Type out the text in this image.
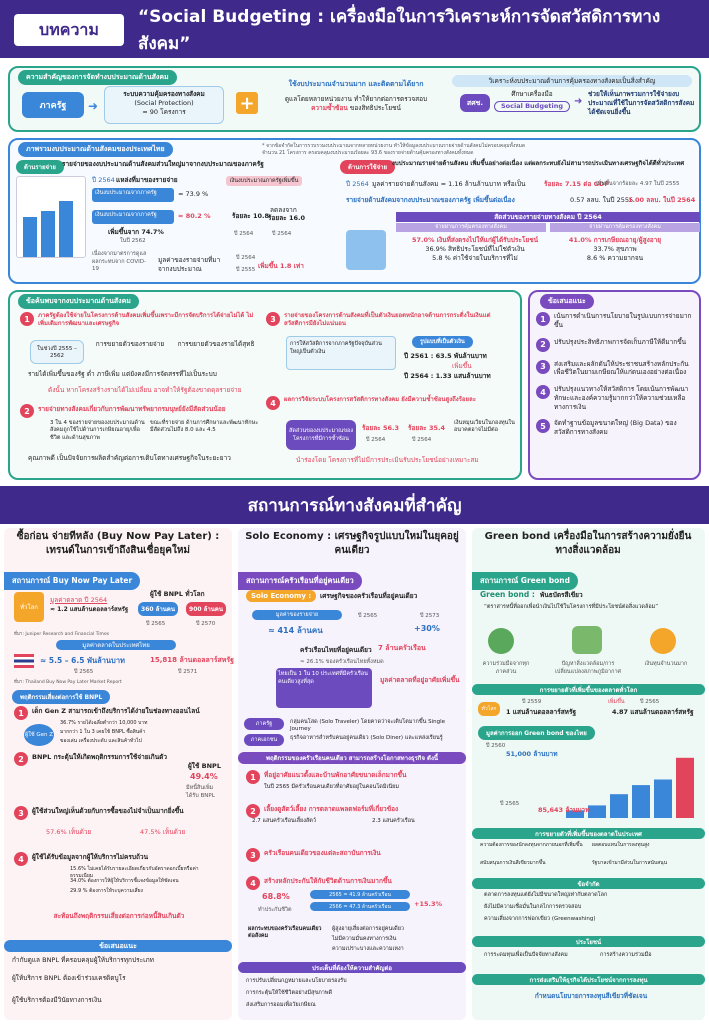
บทความ
“Social Budgeting : เครื่องมือในการวิเคราะห์การจัดสวัสดิการทางสังคม”
ความสำคัญของการจัดทำงบประมาณด้านสังคม
ภาครัฐ	➜
ระบบความคุ้มครองทางสังคม
(Social Protection)
≈ 90 โครงการ	+
ใช้งบประมาณจำนวนมาก และติดตามได้ยาก
ดูแลโดยหลายหน่วยงาน ทำให้ยากต่อการตรวจสอบ
ความซ้ำซ้อน ของสิทธิประโยชน์
วิเคราะห์งบประมาณด้านการคุ้มครองทางสังคมเป็นสิ่งสำคัญ
สศช.
ศึกษาเครื่องมือ
Social Budgeting	➜
ช่วยให้เห็นภาพรวมการใช้จ่ายงบประมาณที่ใช้ในการจัดสวัสดิการสังคมได้ชัดเจนยิ่งขึ้น
ภาพรวมงบประมาณด้านสังคมของประเทศไทย	* จากข้อจำกัดในการรวบรวมงบประมาณจากหลายหน่วยงาน ทำให้ข้อมูลงบประมาณรายจ่ายด้านสังคมไม่ครอบคลุมทั้งหมด
จำนวน 21 โครงการ ครอบคลุมงบประมาณร้อยละ 93.6 ของรายจ่ายด้านคุ้มครองทางสังคมทั้งหมด
ด้านรายจ่าย รายจ่ายของงบประมาณด้านสังคมส่วนใหญ่มาจากงบประมาณของภาครัฐ
ปี 2564 แหล่งที่มาของรายจ่าย
เงินงบประมาณจากภาครัฐ	≈ 73.9 %
เงินงบประมาณจากภาครัฐ	≈ 80.2 %
เพิ่มขึ้นจาก 74.7%
ในปี 2562
เงินงบประมาณภาครัฐเพิ่มขึ้น
ร้อยละ 10.8
ลดลงจาก
ร้อยละ 16.0
ปี 2564	ปี 2564
เนื่องจากมาตรการดูแลผลกระทบจาก COVID-19
มูลค่าของรายจ่ายที่มาจากงบประมาณ
ปี 2564
ปี 2555 เพิ่มขึ้น 1.8 เท่า
ด้านการใช้จ่าย
งบประมาณรายจ่ายด้านสังคม เพิ่มขึ้นอย่างต่อเนื่อง แต่ผลกระทบยังไม่สามารถประเมินทางเศรษฐกิจได้ดีทั่วประเทศ
ปี 2564 มูลค่ารายจ่ายด้านสังคม ≈ 1.16 ล้านล้านบาท หรือเป็น	ร้อยละ 7.15 ต่อ GDP
เพิ่มขึ้นจากร้อยละ 4.97 ในปี 2555
รายจ่ายด้านสังคมจากงบประมาณของภาครัฐ เพิ่มขึ้นต่อเนื่อง	0.57 ลลบ. ในปี 2555
1.00 ลลบ. ในปี 2564
สัดส่วนของรายจ่ายทางสังคม ปี 2564
จ่ายผ่านการคุ้มครองทางสังคม	จ่ายผ่านการคุ้มครองทางสังคม
57.0% เงินที่ส่งตรงไปให้แก่ผู้ได้รับประโยชน์
36.9% สิทธิประโยชน์ที่ไม่ใช่ตัวเงิน
5.8 % ค่าใช้จ่ายในบริการที่ไม่
41.0% การเกษียณอายุ/ผู้สูงอายุ
33.7% สุขภาพ
8.6 % ความยากจน
ข้อค้นพบจากงบประมาณด้านสังคม
1	ภาครัฐต้องใช้จ่ายในโครงการด้านสังคมเพิ่มขึ้นเพราะมีการจัดบริการได้จ่ายไม่ได้ ไม่เพิ่มเติมการพัฒนาและเศรษฐกิจ
ในช่วงปี 2555 – 2562
การขยายตัวของรายจ่าย	การขยายตัวของรายได้สุทธิ
รายได้เพิ่มขึ้นของรัฐ ต่ำ ภาษีเพิ่ม แต่ยังคงมีการจัดสรรที่ไม่เป็นระบบ
ดังนั้น หากโครงสร้างรายได้ไม่เปลี่ยน อาจทำให้รัฐต้องขาดดุลรายจ่าย
2	รายจ่ายทางสังคมเกี่ยวกับการพัฒนาทรัพยากรมนุษย์ยังมีสัดส่วนน้อย
3 ใน 4 ของรายจ่ายของงบประมาณด้านสังคมถูกใช้ไปด้านการเกษียณอายุ/เพื่อชีวิต และด้านสุขภาพ
ขณะที่รายจ่าย ด้านการศึกษาและพัฒนาทักษะ มีสัดส่วนไม่ถึง 8.0 และ 4.5
คุณภาพดี เป็นปัจจัยการผลิตสำคัญต่อการเติบโตทางเศรษฐกิจในระยะยาว
3	รายจ่ายของโครงการด้านสังคมที่เป็นตัวเงินยอดหนักอาจด้านการกระดิ่งในเงินแต่สวัสดิการมียังไม่แน่นอน
การให้สวัสดิการจากภาครัฐปัจจุบันส่วนใหญ่เป็นตัวเงิน
รูปแบบที่เป็นตัวเงิน
ปี 2561 : 63.5 พันล้านบาท
เพิ่มขึ้น
ปี 2564 : 1.33 แสนล้านบาท
4	ผลการวิจัยระบบโครงการสวัสดิการทางสังคม ยังมีความซ้ำซ้อนสูงถึงร้อยละ
สัดส่วนของงบประมาณของโครงการที่มีการซ้ำซ้อน
ร้อยละ 56.3 ร้อยละ 35.4
ปี 2564	ปี 2564
เงินหมุนเวียนในกองทุนในอนาคตอาจไม่มีต่อ
นำร่องโดย โครงการที่ไม่มีการประเมินรับประโยชน์อย่างเหมาะสม
ข้อเสนอแนะ
1	เน้นการดำเนินการนโยบายในรูปแบบการจ่ายมากขึ้น
2	ปรับปรุงประสิทธิภาพการจัดเก็บภาษีให้ดีมากขึ้น
3	ส่งเสริมและผลักดันให้ประชาชนสร้างหลักประกันเพื่อชีวิตในยามเกษียณให้แก่ตนเองอย่างต่อเนื่อง
4	ปรับปรุงแนวทางให้สวัสดิการ โดยเน้นการพัฒนาทักษะและองค์ความรู้มากกว่าให้ความช่วยเหลือทางการเงิน
5	จัดทำฐานข้อมูลขนาดใหญ่ (Big Data) ของสวัสดิการทางสังคม
สถานการณ์ทางสังคมที่สำคัญ
ซื้อก่อน จ่ายทีหลัง (Buy Now Pay Later) : เทรนด์ในการเข้าถึงสินเชื่อยุคใหม่
สถานการณ์ Buy Now Pay Later
ทั่วโลก
มูลค่าตลาด ปี 2564
≈ 1.2 แสนล้านดอลลาร์สหรัฐ
ผู้ใช้ BNPL ทั่วโลก
360 ล้านคน	900 ล้านคน
ปี 2565	ปี 2570
ที่มา: Juniper Research and Financial Times
มูลค่าตลาดในประเทศไทย
≈ 5.5 – 6.5 พันล้านบาท	15,818 ล้านดอลลาร์สหรัฐ
ปี 2565	ปี 2571
ที่มา: Thailand Buy Now Pay Later Market Report
พฤติกรรมเสี่ยงต่อการใช้ BNPL
1	เด็ก Gen Z สามารถเข้าถึงบริการได้ง่ายในช่องทางออนไลน์
36.7% รายได้เฉลี่ยต่ำกว่า 10,000 บาท
มากกว่า 1 ใน 3 เคยใช้ BNPL ซื้อสินค้า
ของเล่น เครื่องประดับ และสินค้าทั่วไป
ผู้ใช้ Gen Z
2	BNPL กระตุ้นให้เกิดพฤติกรรมการใช้จ่ายเกินตัว
ผู้ใช้ BNPL
49.4%
มีหนี้สินเพิ่ม
ได้รับ BNPL
3	ผู้ใช้ส่วนใหญ่เห็นด้วยกับการซื้อของไม่จำเป็นมากยิ่งขึ้น
57.6% เห็นด้วย	47.5% เห็นด้วย
4	ผู้ใช้ได้รับข้อมูลจากผู้ให้บริการไม่ครบถ้วน
15.6% ไม่เคยได้รับรายละเอียดเกี่ยวกับอัตราดอกเบี้ยหรือค่าธรรมเนียม
34.0% ต้องการให้ผู้ให้บริการชี้แจงข้อมูลให้ชัดเจน
29.9 % ต้องการให้ระบุความเสี่ยง
สะท้อนถึงพฤติกรรมเสี่ยงต่อการก่อหนี้สินเกินตัว
ข้อเสนอแนะ
กำกับดูแล BNPL ที่ครอบคลุมผู้ให้บริการทุกประเภท
ผู้ให้บริการ BNPL ต้องเข้าร่วมเครดิตบูโร
ผู้ใช้บริการต้องมีวินัยทางการเงิน
Solo Economy : เศรษฐกิจรูปแบบใหม่ในยุคอยู่คนเดียว
สถานการณ์ครัวเรือนที่อยู่คนเดียว
Solo Economy :	เศรษฐกิจของครัวเรือนที่อยู่คนเดียว
มูลค่าของรายจ่าย
≈ 414 ล้านคน
ปี 2565	ปี 2573
+30%
ครัวเรือนไทยที่อยู่คนเดียว 7 ล้านครัวเรือน
≈ 26.1% ของครัวเรือนไทยทั้งหมด
ไทยเป็น 1 ใน 10 ประเทศที่มีครัวเรือนคนเดียวสูงที่สุด	มูลค่าตลาดที่อยู่อาศัยเพิ่มขึ้น
ภาครัฐ	กลุ่มคนโสด (Solo Traveler) โดยคาดว่าจะเติบโตมากขึ้น Single Journey
ภาคเอกชน	ธุรกิจอาหารสำหรับคนอยู่คนเดียว (Solo Diner) และแหล่งเรียนรู้
พฤติกรรมของครัวเรือนคนเดียว สามารถสร้างโอกาสทางธุรกิจ ดังนี้
1	ที่อยู่อาศัยแนวตั้งและบ้านพักอาศัยขนาดเล็กมากขึ้น
ในปี 2565 มีครัวเรือนคนเดียวที่อาศัยอยู่ในคอนโดมิเนียม
2	เลี้ยงดูสัตว์เลี้ยง การตลาดแพลตฟอร์มที่เกี่ยวข้อง
2.7 แสนครัวเรือนเลี้ยงสัตว์	2.3 แสนครัวเรือน
3	ครัวเรือนคนเดียวของแต่ละสถาบันการเงิน
4	สร้างหลักประกันให้กับชีวิตด้านการเงินมากขึ้น
68.8%
ทำประกันชีวิต
2565 = 41.9 ล้านครัวเรือน
2566 = 47.3 ล้านครัวเรือน	+15.3%
ผลกระทบของครัวเรือนคนเดียวต่อสังคม
ผู้สูงอายุเสี่ยงต่อการอยู่คนเดียว
ไม่มีความมั่นคงทางการเงิน
ความเปราะบางและความเหงา
ประเด็นที่ต้องให้ความสำคัญต่อ
การปรับเปลี่ยนกฎหมายและนโยบายรองรับ
การกระตุ้นให้ใช้ชีวิตอย่างมีสุขภาพดี
ส่งเสริมการออมเพื่อวัยเกษียณ
Green bond เครื่องมือในการสร้างความยั่งยืนทางสิ่งแวดล้อม
สถานการณ์ Green bond
Green bond : พันธบัตรสีเขียว
“ตราสารหนี้ที่ออกเพื่อนำเงินไปใช้ในโครงการที่มีประโยชน์ต่อสิ่งแวดล้อม”
ความร่วมมือจากทุกภาคส่วน
ปัญหาสิ่งแวดล้อม/การเปลี่ยนแปลงสภาพภูมิอากาศ
เงินทุนจำนวนมาก
การขยายตัวที่เพิ่มขึ้นของตลาดทั่วโลก
ทั่วโลก
ปี 2559
1 แสนล้านดอลลาร์สหรัฐ
เพิ่มขึ้น	ปี 2565
4.87 แสนล้านดอลลาร์สหรัฐ
มูลค่าการออก Green bond ของไทย
ปี 2560
51,000 ล้านบาท
ปี 2565
85,643 ล้านบาท
การขยายตัวที่เพิ่มขึ้นของตลาดในประเทศ
ความต้องการของนักลงทุนจากภายนอกที่เพิ่มขึ้น ผลตอบแทนในการลงทุนสูง
สนับสนุนการเงินสีเขียวมากขึ้น	รัฐบาลเข้ามามีส่วนในการสนับสนุน
ข้อจำกัด
ตลาดการลงทุนแต่ยังไม่มีขนาดใหญ่เท่ากับตลาดโลก
ยังไม่มีความเชื่อมั่นในกลไกการตรวจสอบ
ความเสี่ยงจากการฟอกเขียว (Greenwashing)
ประโยชน์
การระดมทุนเพื่อเป็นปัจจัยทางสังคม	การสร้างความร่วมมือ
การส่งเสริมให้ธุรกิจได้ประโยชน์จากการลงทุน
กำหนดนโยบายการลงทุนสีเขียวที่ชัดเจน
